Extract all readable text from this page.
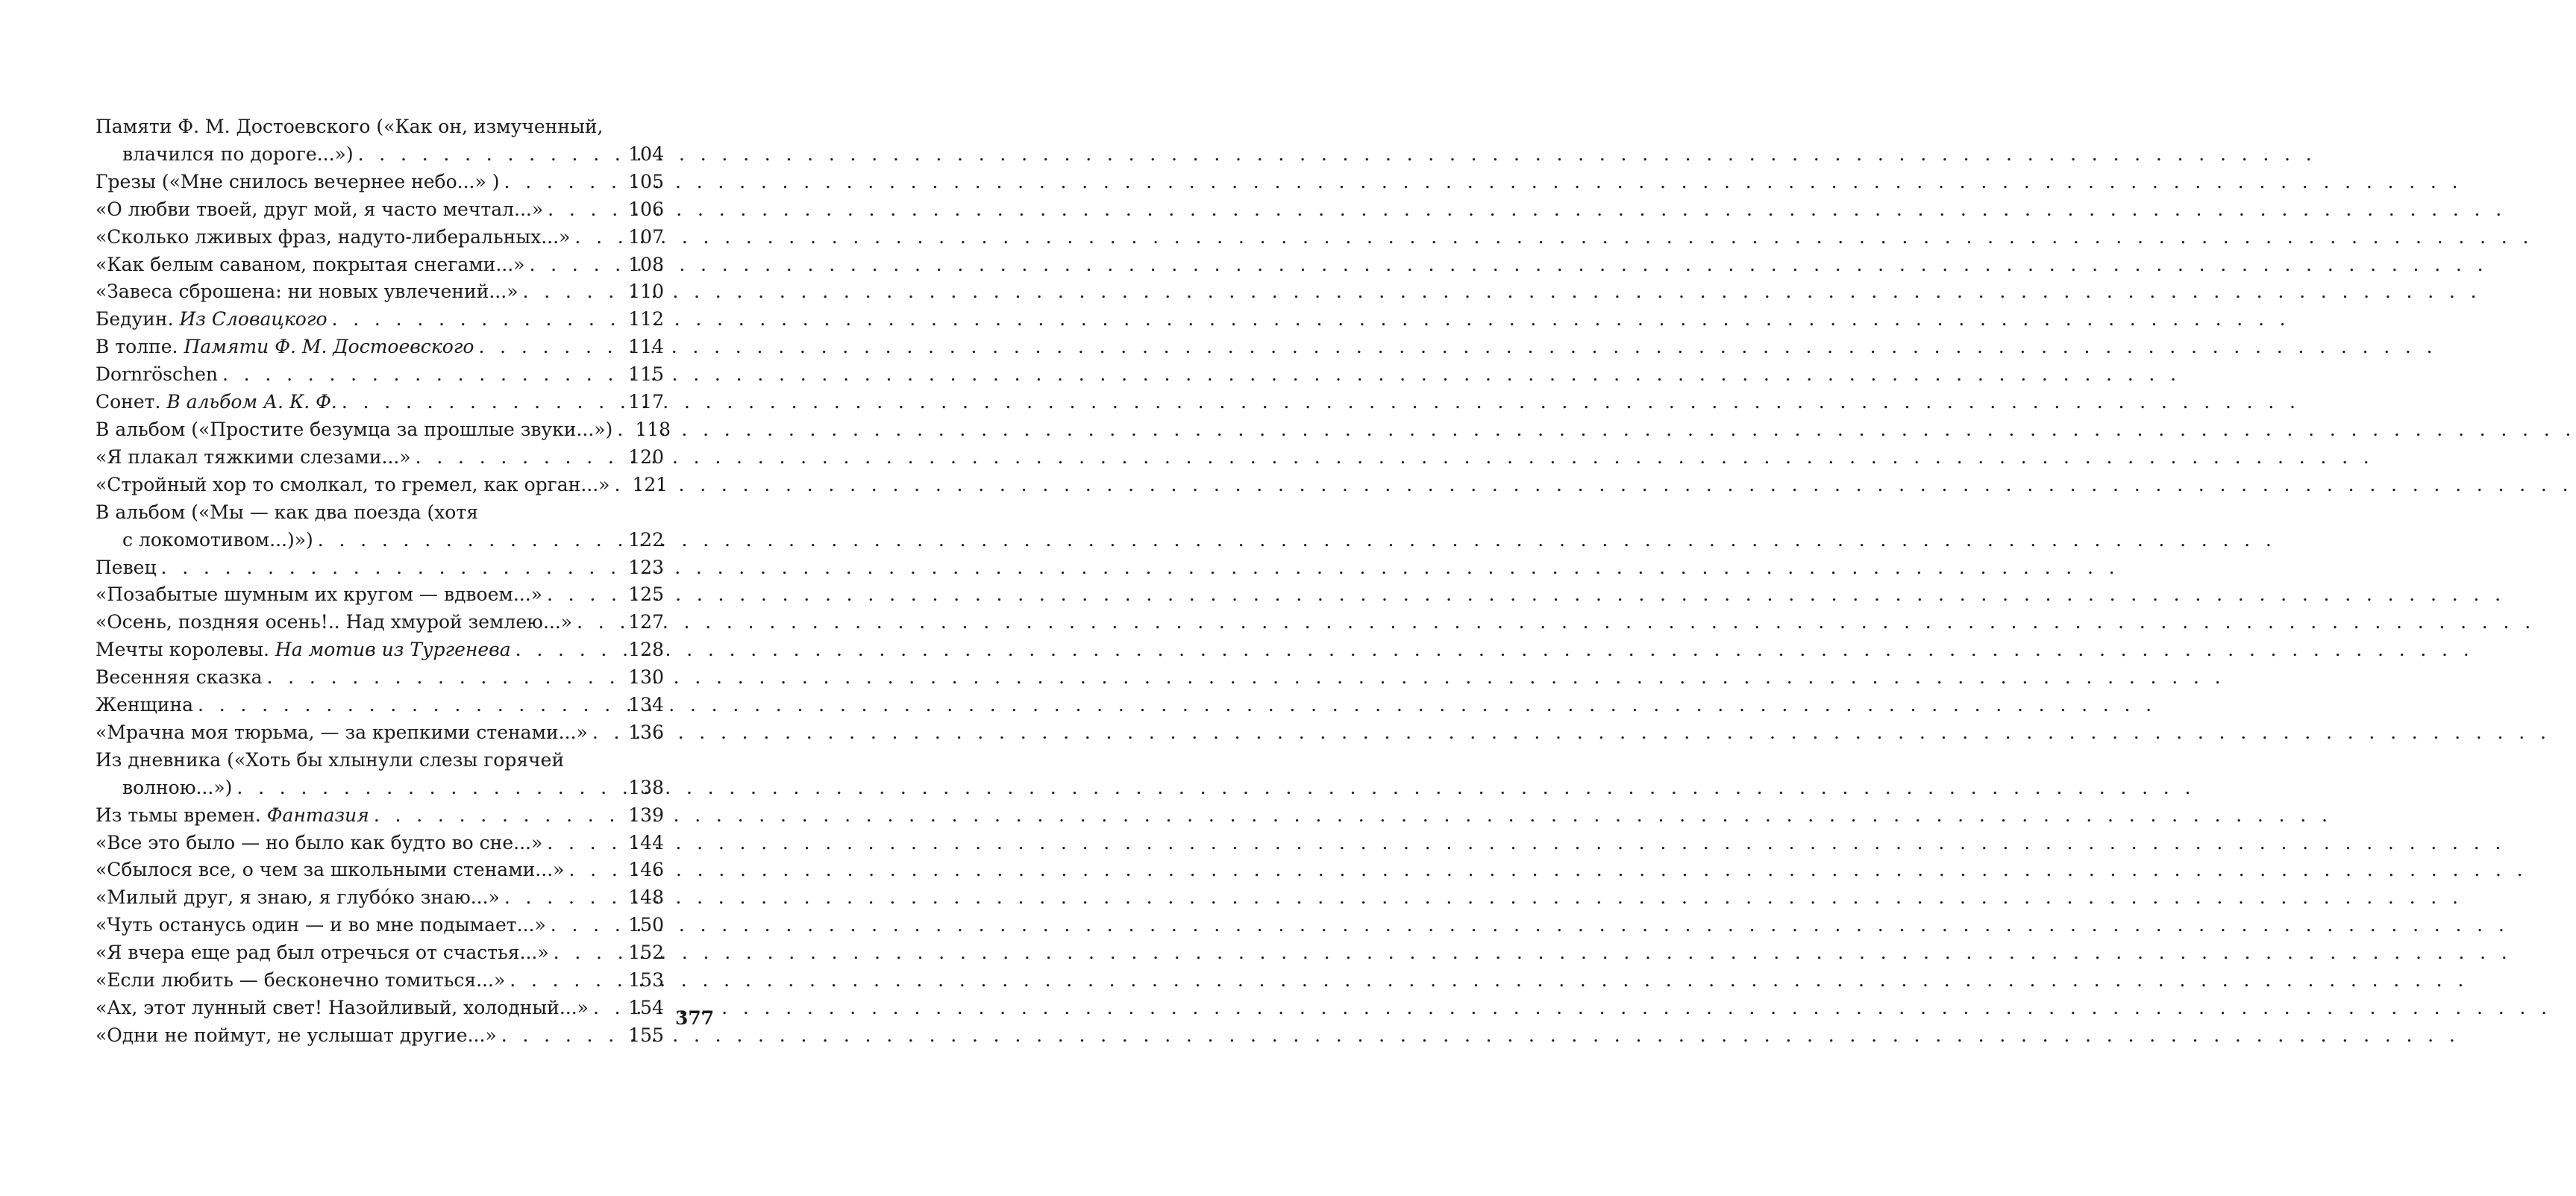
Памяти Ф. М. Достоевского («Как он, измученный,
влачился по дороге...») . . .	104
Грезы («Мне снилось вечернее небо...» ) . . .	105
«О любви твоей, друг мой, я часто мечтал...» . . .	106
«Сколько лживых фраз, надуто-либеральных...» . . .	107
«Как белым саваном, покрытая снегами...» . . .	108
«Завеса сброшена: ни новых увлечений...» . . .	110
Бедуин. Из Словацкого . . .	112
В толпе. Памяти Ф. М. Достоевского . . .	114
Dornröschen . . .	115
Сонет. В альбом А. К. Ф. . . .	117
В альбом («Простите безумца за прошлые звуки...») . . . 118
«Я плакал тяжкими слезами...» . . .	120
«Стройный хор то смолкал, то гремел, как орган...» . . . 121
В альбом («Мы — как два поезда (хотя
с локомотивом...)») . . .	122
Певец . . .	123
«Позабытые шумным их кругом — вдвоем...» . . .	125
«Осень, поздняя осень!.. Над хмурой землею...» . . .	127
Мечты королевы. На мотив из Тургенева . . .	128
Весенняя сказка . . .	130
Женщина . . .	134
«Мрачна моя тюрьма, — за крепкими стенами...» . . . 136
Из дневника («Хоть бы хлынули слезы горячей
волною...») . . .	138
Из тьмы времен. Фантазия . . .	139
«Все это было — но было как будто во сне...» . . .	144
«Сбылося все, о чем за школьными стенами...» . . .	146
«Милый друг, я знаю, я глубóко знаю...» . . .	148
«Чуть останусь один — и во мне подымает...» . . .	150
«Я вчера еще рад был отречься от счастья...» . . .	152
«Если любить — бесконечно томиться...» . . .	153
«Ах, этот лунный свет! Назойливый, холодный...» . . . 154
«Одни не поймут, не услышат другие...» . . .	155
377
